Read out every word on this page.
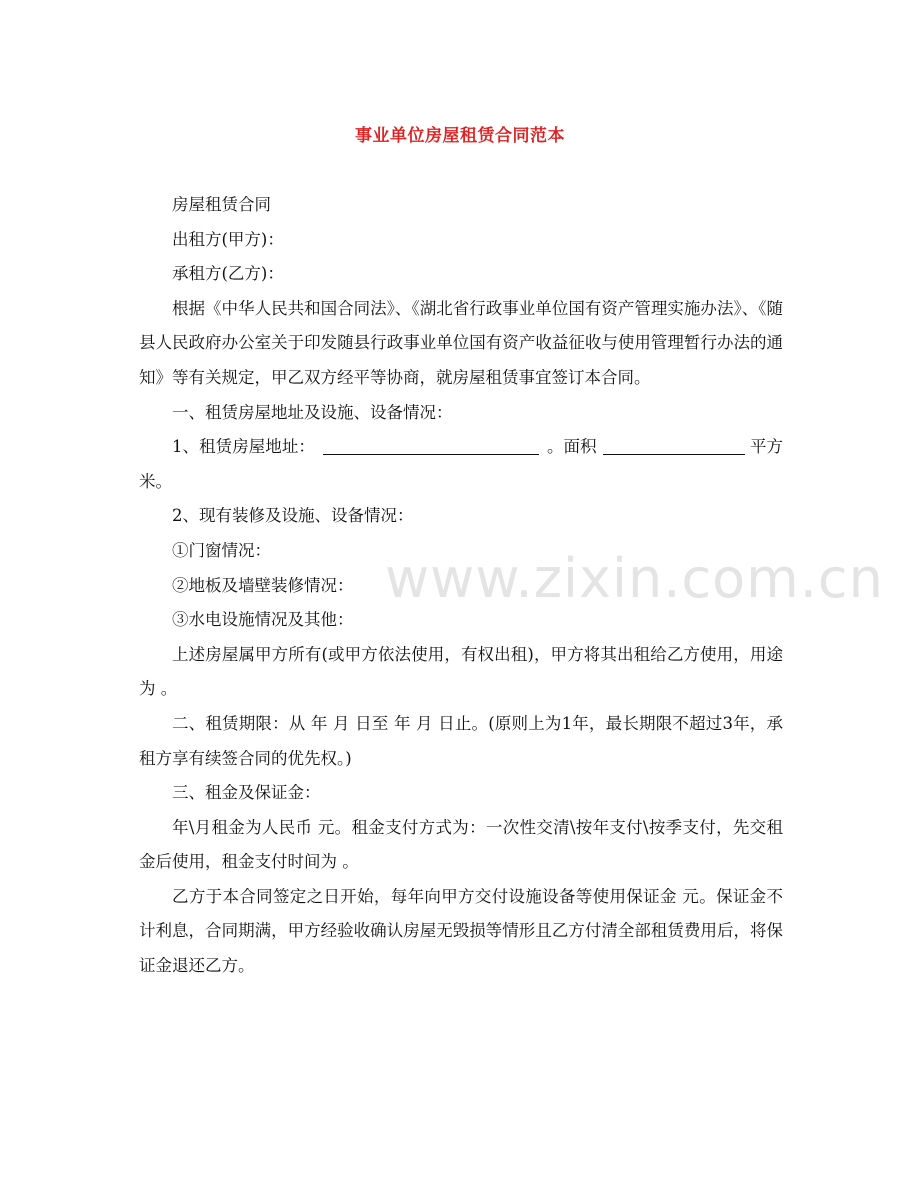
事业单位房屋租赁合同范本

房屋租赁合同

出租方(甲方)：

承租方(乙方)：

根据《中华人民共和国合同法》、《湖北省行政事业单位国有资产管理实施办法》、《随县人民政府办公室关于印发随县行政事业单位国有资产收益征收与使用管理暂行办法的通知》等有关规定，甲乙双方经平等协商，就房屋租赁事宜签订本合同。

一、租赁房屋地址及设施、设备情况：

1、租赁房屋地址：	。面积	平方米。

2、现有装修及设施、设备情况：

①门窗情况：

②地板及墙壁装修情况：

③水电设施情况及其他：

上述房屋属甲方所有(或甲方依法使用，有权出租)，甲方将其出租给乙方使用，用途为 。

二、租赁期限：从 年 月 日至 年 月 日止。(原则上为1年，最长期限不超过3年，承租方享有续签合同的优先权。)

三、租金及保证金：

年\月租金为人民币 元。租金支付方式为：一次性交清\按年支付\按季支付，先交租金后使用，租金支付时间为 。

乙方于本合同签定之日开始，每年向甲方交付设施设备等使用保证金 元。保证金不计利息，合同期满，甲方经验收确认房屋无毁损等情形且乙方付清全部租赁费用后，将保证金退还乙方。

www.zixin.com.cn
